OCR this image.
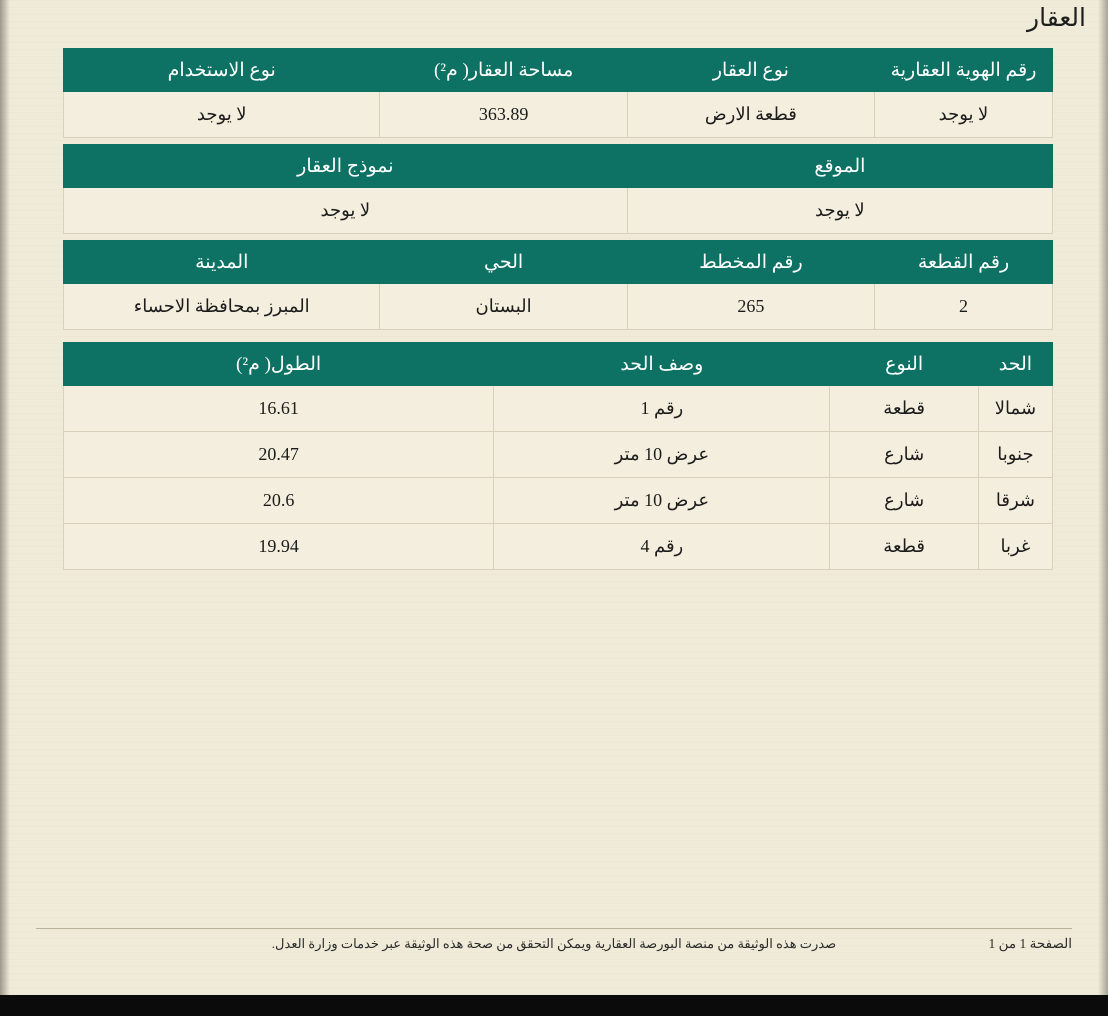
العقار
رقم الهوية العقارية	نوع العقار	مساحة العقار( م²)	نوع الاستخدام
لا يوجد	قطعة الارض	363.89	لا يوجد

الموقع		نموذج العقار	
لا يوجد		لا يوجد	

رقم القطعة	رقم المخطط	الحي	المدينة
2	265	البستان	المبرز بمحافظة الاحساء
الحد	النوع	وصف الحد	الطول( م²)
شمالا	قطعة	رقم 1	16.61
جنوبا	شارع	عرض 10 متر	20.47
شرقا	شارع	عرض 10 متر	20.6
غربا	قطعة	رقم 4	19.94
صدرت هذه الوثيقة من منصة البورصة العقارية ويمكن التحقق من صحة هذه الوثيقة عبر خدمات وزارة العدل.	الصفحة 1 من 1
